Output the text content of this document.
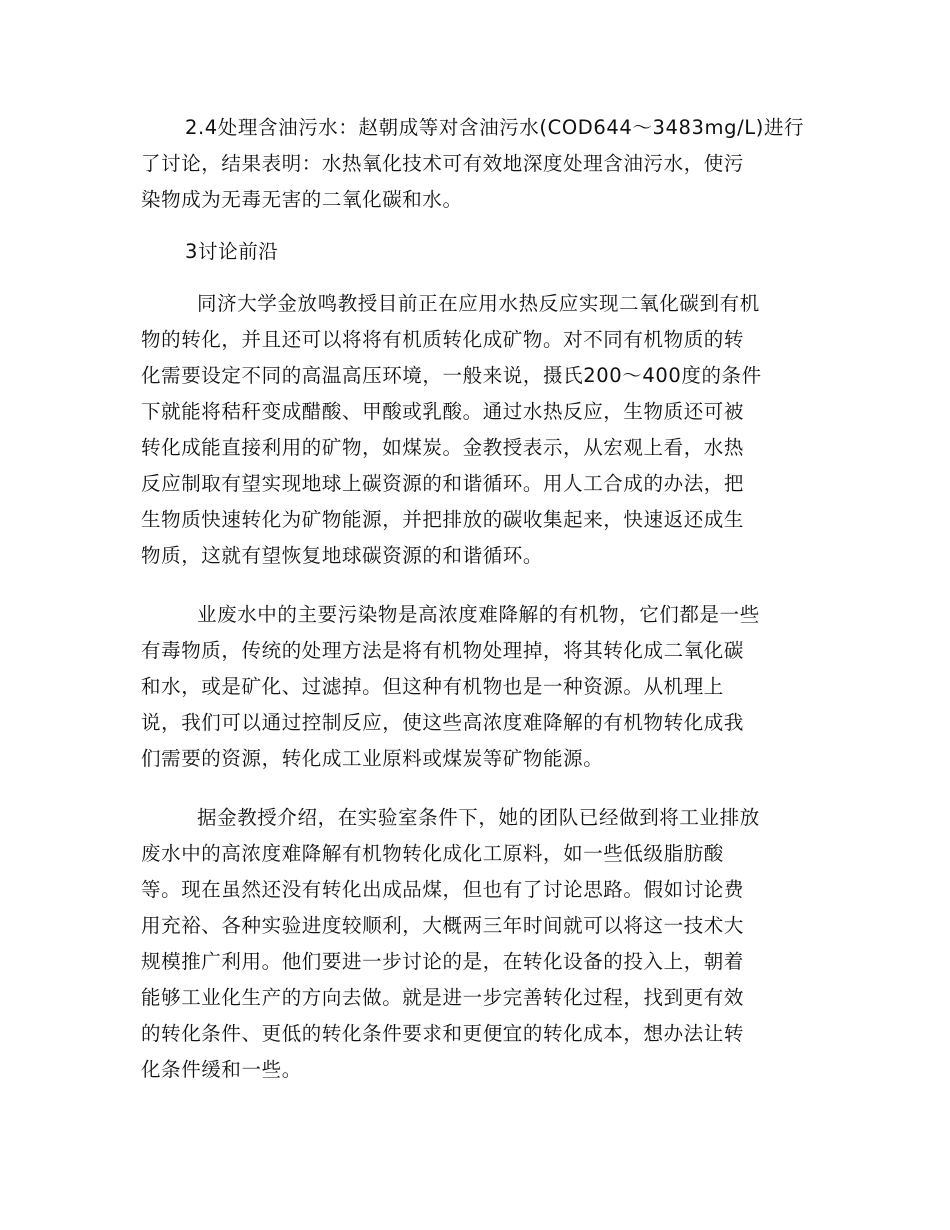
2.4处理含油污水：赵朝成等对含油污水(COD644～3483mg/L)进行
了讨论，结果表明：水热氧化技术可有效地深度处理含油污水，使污
染物成为无毒无害的二氧化碳和水。
3讨论前沿
同济大学金放鸣教授目前正在应用水热反应实现二氧化碳到有机
物的转化，并且还可以将将有机质转化成矿物。对不同有机物质的转
化需要设定不同的高温高压环境，一般来说，摄氏200～400度的条件
下就能将秸秆变成醋酸、甲酸或乳酸。通过水热反应，生物质还可被
转化成能直接利用的矿物，如煤炭。金教授表示，从宏观上看，水热
反应制取有望实现地球上碳资源的和谐循环。用人工合成的办法，把
生物质快速转化为矿物能源，并把排放的碳收集起来，快速返还成生
物质，这就有望恢复地球碳资源的和谐循环。
业废水中的主要污染物是高浓度难降解的有机物，它们都是一些
有毒物质，传统的处理方法是将有机物处理掉，将其转化成二氧化碳
和水，或是矿化、过滤掉。但这种有机物也是一种资源。从机理上
说，我们可以通过控制反应，使这些高浓度难降解的有机物转化成我
们需要的资源，转化成工业原料或煤炭等矿物能源。
据金教授介绍，在实验室条件下，她的团队已经做到将工业排放
废水中的高浓度难降解有机物转化成化工原料，如一些低级脂肪酸
等。现在虽然还没有转化出成品煤，但也有了讨论思路。假如讨论费
用充裕、各种实验进度较顺利，大概两三年时间就可以将这一技术大
规模推广利用。他们要进一步讨论的是，在转化设备的投入上，朝着
能够工业化生产的方向去做。就是进一步完善转化过程，找到更有效
的转化条件、更低的转化条件要求和更便宜的转化成本，想办法让转
化条件缓和一些。
